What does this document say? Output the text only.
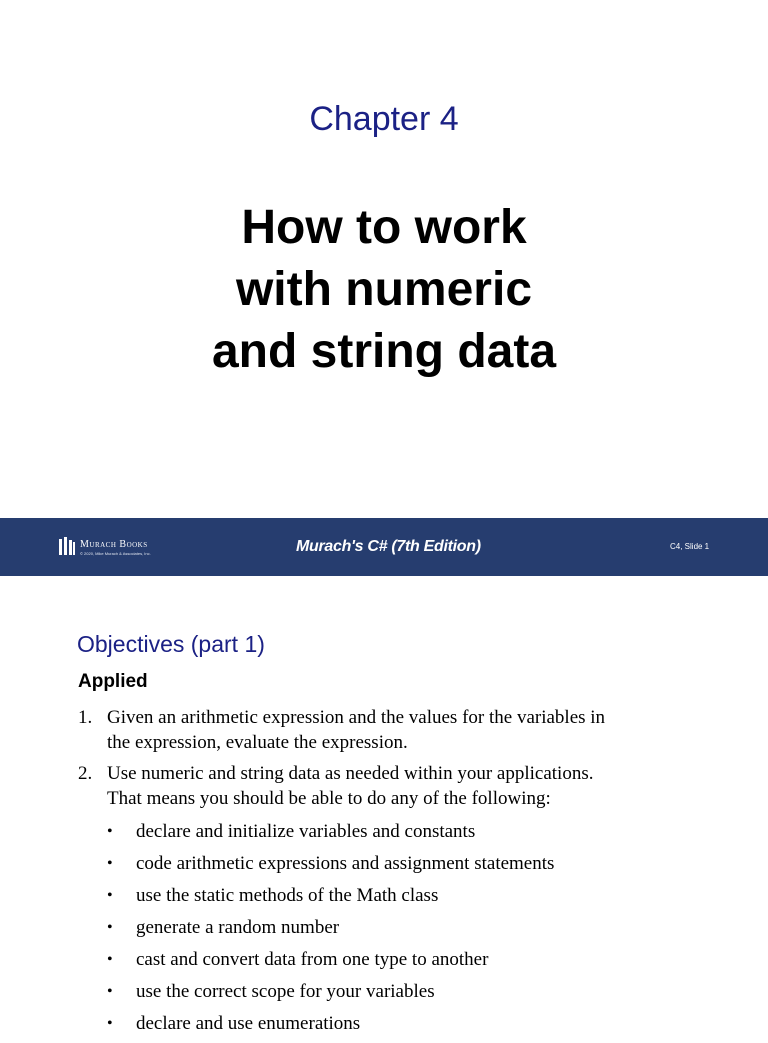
Chapter 4
How to work
with numeric
and string data
Murach Books
© 2020, Mike Murach & Associates, Inc.	Murach's C# (7th Edition)	C4, Slide 1
Objectives (part 1)
Applied
1. Given an arithmetic expression and the values for the variables in
the expression, evaluate the expression.
2. Use numeric and string data as needed within your applications.
That means you should be able to do any of the following:
• declare and initialize variables and constants
• code arithmetic expressions and assignment statements
• use the static methods of the Math class
• generate a random number
• cast and convert data from one type to another
• use the correct scope for your variables
• declare and use enumerations
